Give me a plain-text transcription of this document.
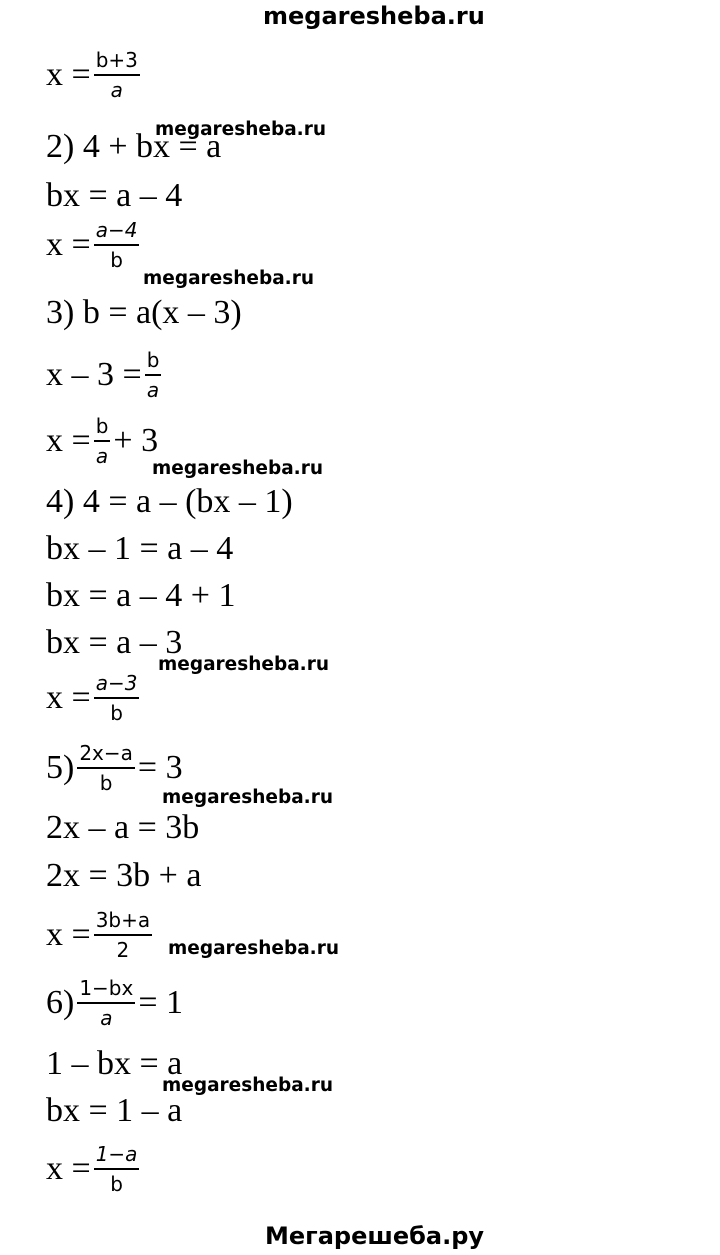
megaresheba.ru
$x = \frac{b+3}{a}$
2) 4 + bx = a
megaresheba.ru
bx = a – 4
$x = \frac{a-4}{b}$
megaresheba.ru
3) b = a(x – 3)
$x - 3 = \frac{b}{a}$
$x = \frac{b}{a} + 3$
megaresheba.ru
4) 4 = a – (bx – 1)
bx – 1 = a – 4
bx = a – 4 + 1
bx = a – 3
megaresheba.ru
$x = \frac{a-3}{b}$
$5) \frac{2x-a}{b} = 3$
megaresheba.ru
2x – a = 3b
2x = 3b + a
$x = \frac{3b+a}{2}$ megaresheba.ru
$6) \frac{1-bx}{a} = 1$
1 – bx = a
megaresheba.ru
bx = 1 – a
$x = \frac{1-a}{b}$
Мегарешеба.ру
